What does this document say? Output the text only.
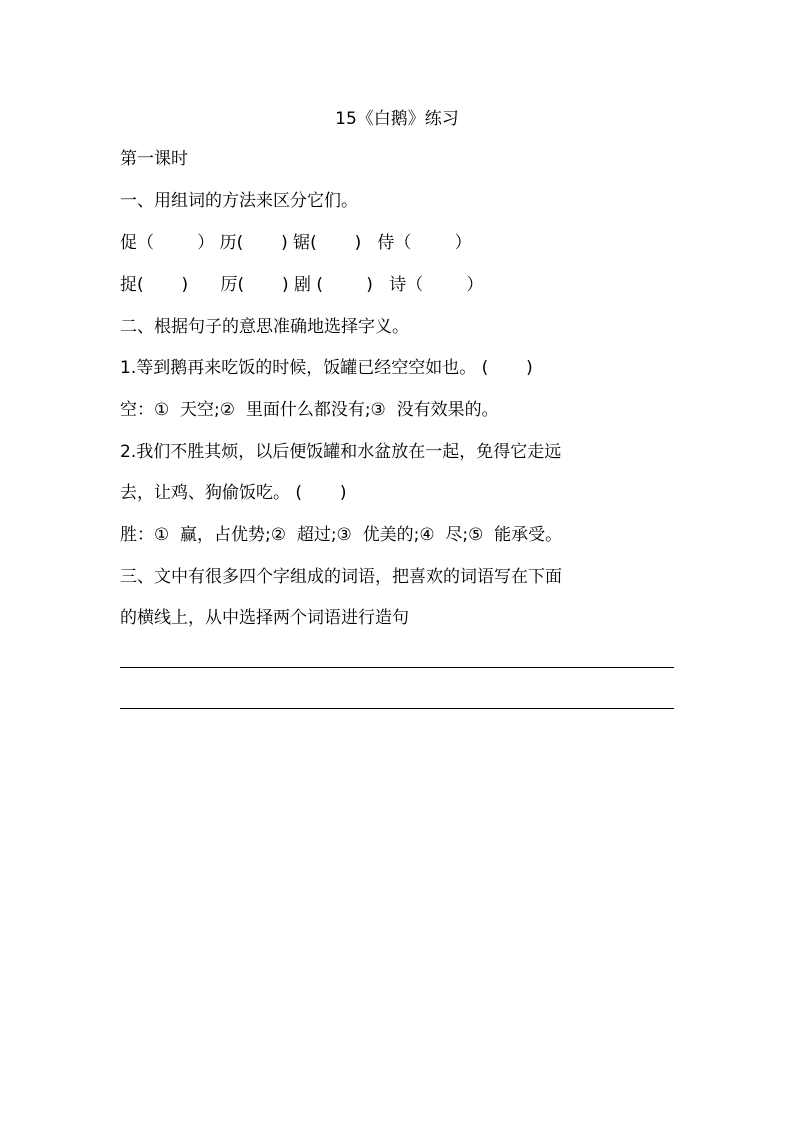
15《白鹅》练习
第一课时
一、用组词的方法来区分它们。
促（        ） 历(       ) 锯(       )   侍（        ）
捉(       )      厉(       ) 剧 (        )   诗（        ）
二、根据句子的意思准确地选择字义。
1.等到鹅再来吃饭的时候，饭罐已经空空如也。 (       )
空：①  天空;②  里面什么都没有;③  没有效果的。
2.我们不胜其烦，以后便饭罐和水盆放在一起，免得它走远
去，让鸡、狗偷饭吃。 (       )
胜：①  赢，占优势;②  超过;③  优美的;④  尽;⑤  能承受。
三、文中有很多四个字组成的词语，把喜欢的词语写在下面
的横线上，从中选择两个词语进行造句
